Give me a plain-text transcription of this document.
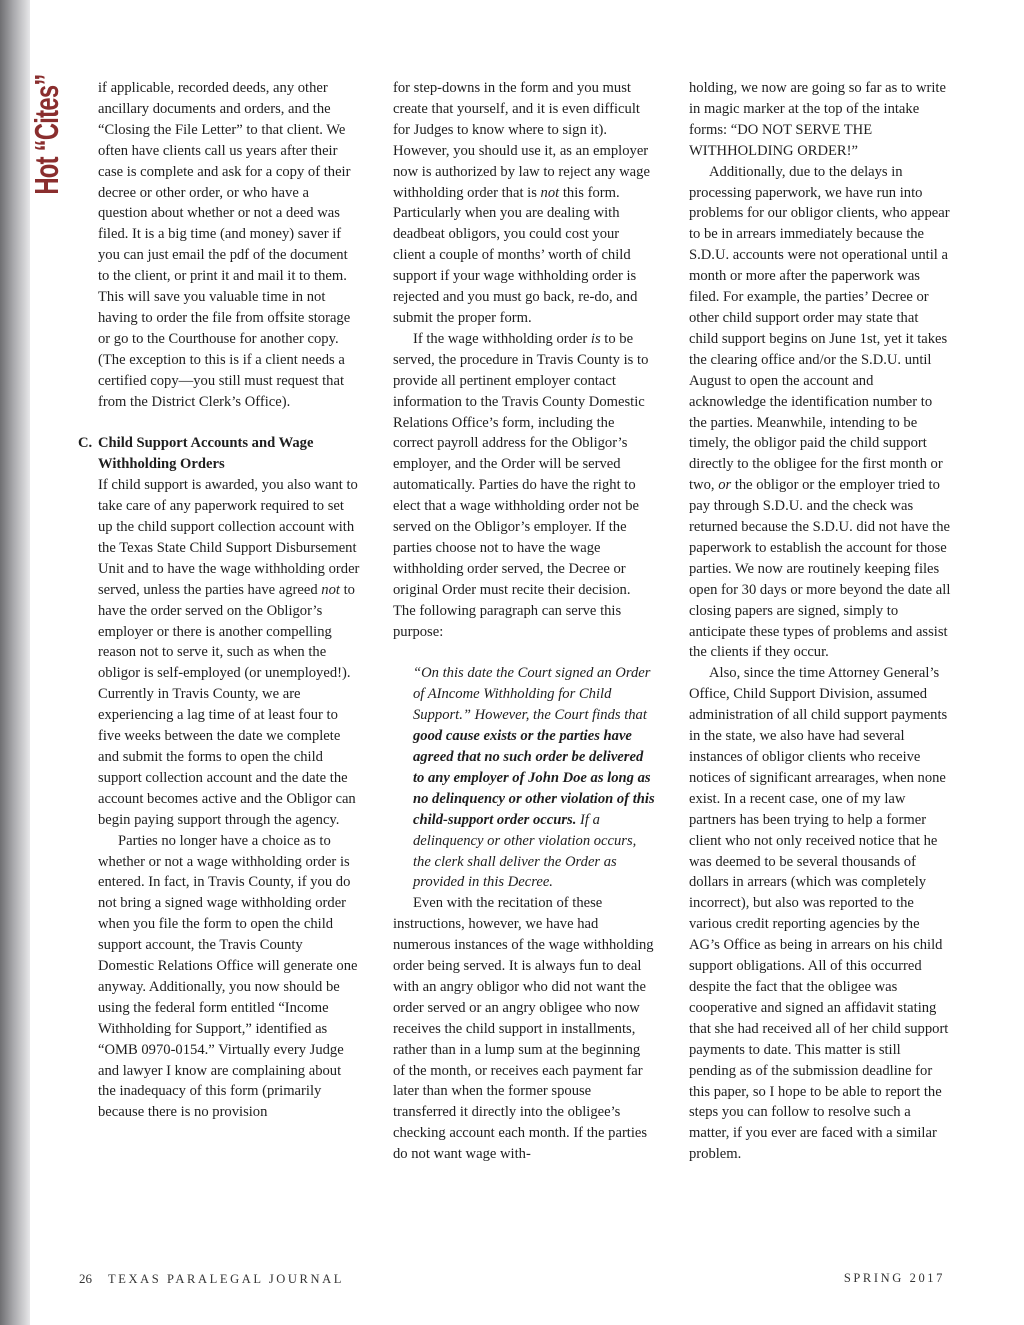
Hot “Cites”	if applicable, recorded deeds, any other ancillary documents and orders, and the “Closing the File Letter” to that client. We often have clients call us years after their case is complete and ask for a copy of their decree or other order, or who have a question about whether or not a deed was filed. It is a big time (and money) saver if you can just email the pdf of the document to the client, or print it and mail it to them. This will save you valuable time in not having to order the file from offsite storage or go to the Courthouse for another copy. (The exception to this is if a client needs a certified copy—you still must request that from the District Clerk’s Office).

C. Child Support Accounts and Wage Withholding Orders

If child support is awarded, you also want to take care of any paperwork required to set up the child support collection account with the Texas State Child Support Disbursement Unit and to have the wage withholding order served, unless the parties have agreed not to have the order served on the Obligor’s employer or there is another compelling reason not to serve it, such as when the obligor is self-employed (or unemployed!). Currently in Travis County, we are experiencing a lag time of at least four to five weeks between the date we complete and submit the forms to open the child support collection account and the date the account becomes active and the Obligor can begin paying support through the agency.

Parties no longer have a choice as to whether or not a wage withholding order is entered. In fact, in Travis County, if you do not bring a signed wage withholding order when you file the form to open the child support account, the Travis County Domestic Relations Office will generate one anyway. Additionally, you now should be using the federal form entitled “Income Withholding for Support,” identified as “OMB 0970-0154.” Virtually every Judge and lawyer I know are complaining about the inadequacy of this form (primarily because there is no provision

for step-downs in the form and you must create that yourself, and it is even difficult for Judges to know where to sign it). However, you should use it, as an employer now is authorized by law to reject any wage withholding order that is not this form. Particularly when you are dealing with deadbeat obligors, you could cost your client a couple of months’ worth of child support if your wage withholding order is rejected and you must go back, re-do, and submit the proper form.

If the wage withholding order is to be served, the procedure in Travis County is to provide all pertinent employer contact information to the Travis County Domestic Relations Office’s form, including the correct payroll address for the Obligor’s employer, and the Order will be served automatically. Parties do have the right to elect that a wage withholding order not be served on the Obligor’s employer. If the parties choose not to have the wage withholding order served, the Decree or original Order must recite their decision. The following paragraph can serve this purpose:

“On this date the Court signed an Order of AIncome Withholding for Child Support.” However, the Court finds that good cause exists or the parties have agreed that no such order be delivered to any employer of John Doe as long as no delinquency or other violation of this child-support order occurs. If a delinquency or other violation occurs, the clerk shall deliver the Order as provided in this Decree.

Even with the recitation of these instructions, however, we have had numerous instances of the wage withholding order being served. It is always fun to deal with an angry obligor who did not want the order served or an angry obligee who now receives the child support in installments, rather than in a lump sum at the beginning of the month, or receives each payment far later than when the former spouse transferred it directly into the obligee’s checking account each month. If the parties do not want wage with-

holding, we now are going so far as to write in magic marker at the top of the intake forms: “DO NOT SERVE THE WITHHOLDING ORDER!”

Additionally, due to the delays in processing paperwork, we have run into problems for our obligor clients, who appear to be in arrears immediately because the S.D.U. accounts were not operational until a month or more after the paperwork was filed. For example, the parties’ Decree or other child support order may state that child support begins on June 1st, yet it takes the clearing office and/or the S.D.U. until August to open the account and acknowledge the identification number to the parties. Meanwhile, intending to be timely, the obligor paid the child support directly to the obligee for the first month or two, or the obligor or the employer tried to pay through S.D.U. and the check was returned because the S.D.U. did not have the paperwork to establish the account for those parties. We now are routinely keeping files open for 30 days or more beyond the date all closing papers are signed, simply to anticipate these types of problems and assist the clients if they occur.

Also, since the time Attorney General’s Office, Child Support Division, assumed administration of all child support payments in the state, we also have had several instances of obligor clients who receive notices of significant arrearages, when none exist. In a recent case, one of my law partners has been trying to help a former client who not only received notice that he was deemed to be several thousands of dollars in arrears (which was completely incorrect), but also was reported to the various credit reporting agencies by the AG’s Office as being in arrears on his child support obligations. All of this occurred despite the fact that the obligee was cooperative and signed an affidavit stating that she had received all of her child support payments to date. This matter is still pending as of the submission deadline for this paper, so I hope to be able to report the steps you can follow to resolve such a matter, if you ever are faced with a similar problem.

26 TEXAS PARALEGAL JOURNAL	SPRING 2017
